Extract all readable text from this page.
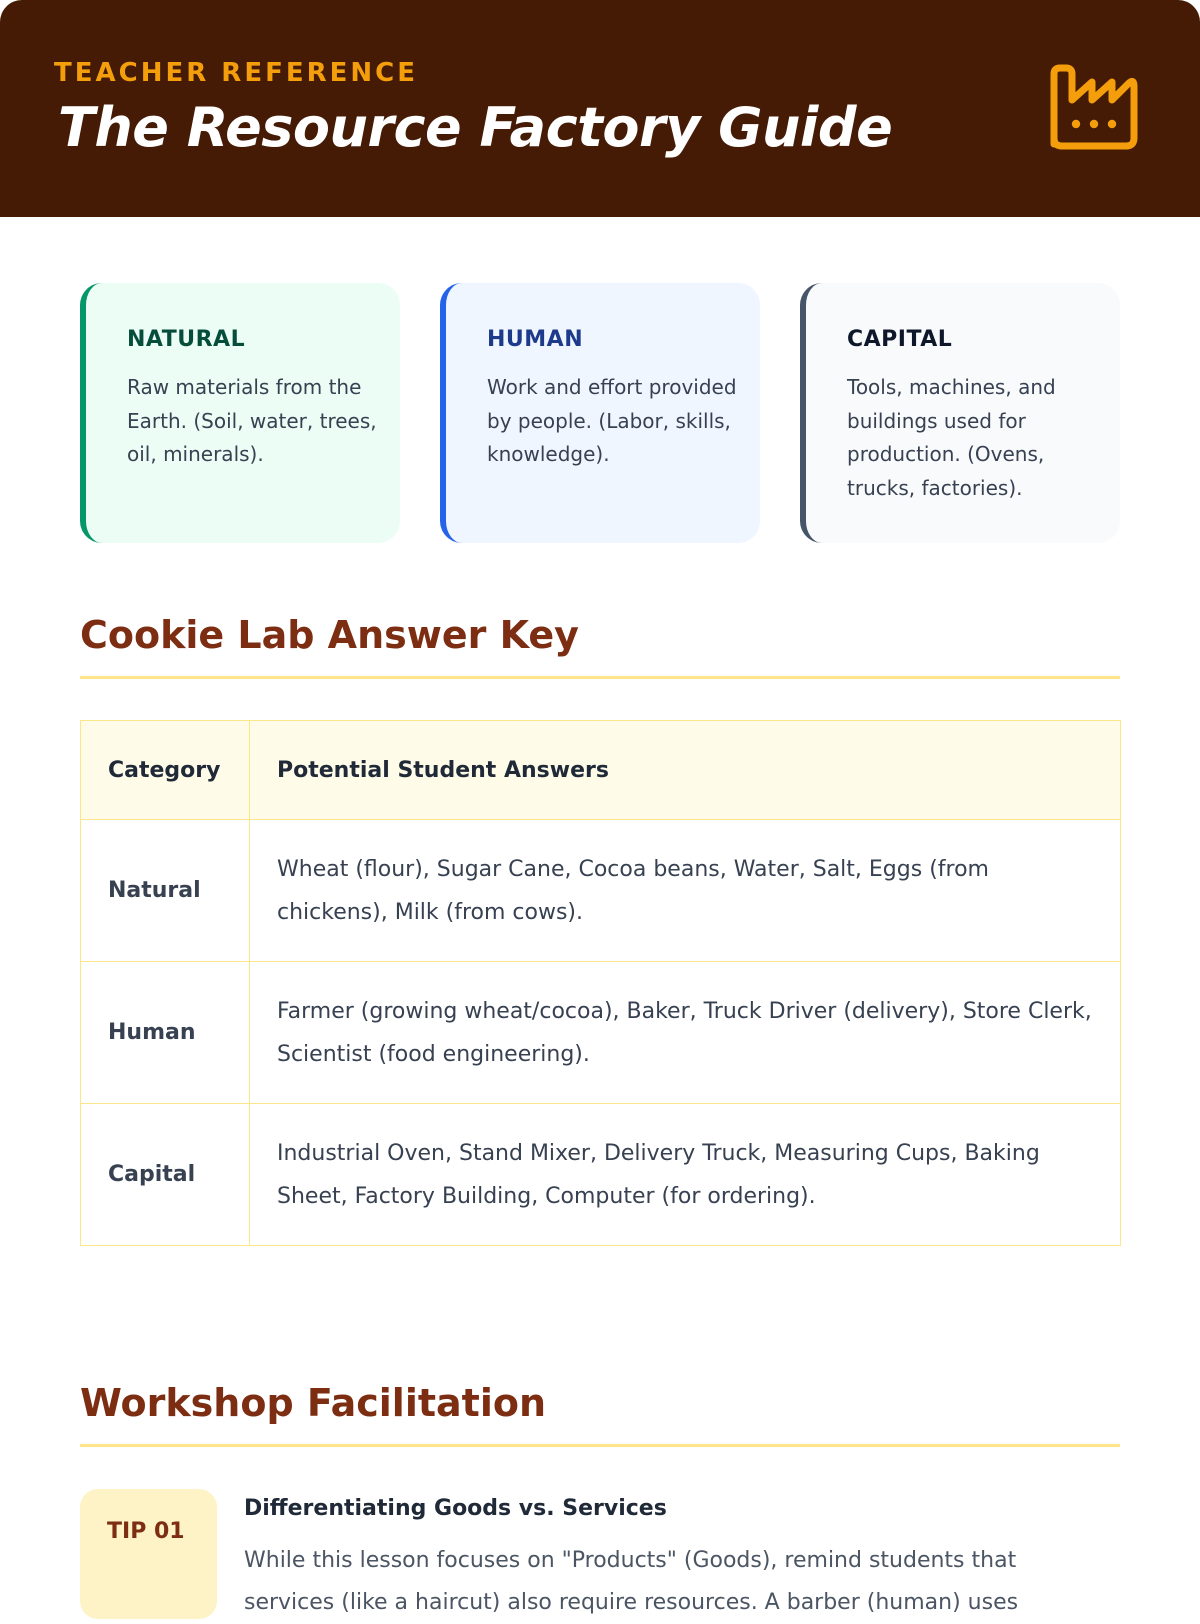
TEACHER REFERENCE
The Resource Factory Guide
NATURAL
Raw materials from the Earth. (Soil, water, trees, oil, minerals).
HUMAN
Work and effort provided by people. (Labor, skills, knowledge).
CAPITAL
Tools, machines, and buildings used for production. (Ovens, trucks, factories).
Cookie Lab Answer Key
Category	Potential Student Answers
Natural	Wheat (flour), Sugar Cane, Cocoa beans, Water, Salt, Eggs (from chickens), Milk (from cows).
Human	Farmer (growing wheat/cocoa), Baker, Truck Driver (delivery), Store Clerk, Scientist (food engineering).
Capital	Industrial Oven, Stand Mixer, Delivery Truck, Measuring Cups, Baking Sheet, Factory Building, Computer (for ordering).
Workshop Facilitation
TIP 01
Differentiating Goods vs. Services
While this lesson focuses on "Products" (Goods), remind students that services (like a haircut) also require resources. A barber (human) uses
